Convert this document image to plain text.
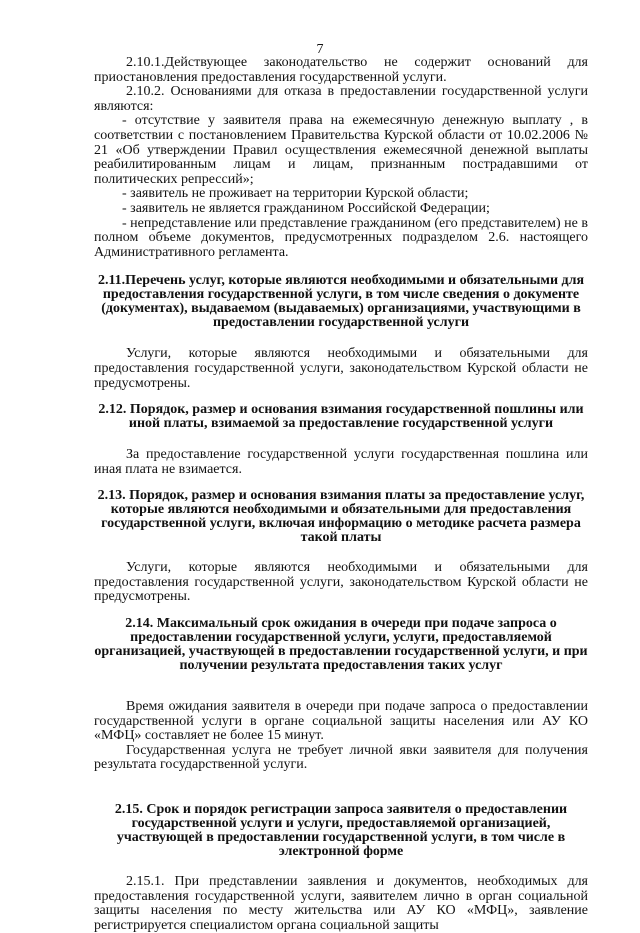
7

2.10.1.Действующее законодательство не содержит оснований для приостановления предоставления государственной услуги.

2.10.2. Основаниями для отказа в предоставлении государственной услуги являются:

- отсутствие у заявителя права на ежемесячную денежную выплату , в соответствии с постановлением Правительства Курской области от 10.02.2006 № 21 «Об утверждении Правил осуществления ежемесячной денежной выплаты реабилитированным лицам и лицам, признанным пострадавшими от политических репрессий»;

- заявитель не проживает на территории Курской области;

- заявитель не является гражданином Российской Федерации;

- непредставление или представление гражданином (его представителем) не в полном объеме документов, предусмотренных подразделом 2.6. настоящего Административного регламента.

2.11.Перечень услуг, которые являются необходимыми и обязательными для предоставления государственной услуги, в том числе сведения о документе (документах), выдаваемом (выдаваемых) организациями, участвующими в предоставлении государственной услуги

Услуги, которые являются необходимыми и обязательными для предоставления государственной услуги, законодательством Курской области не предусмотрены.

2.12. Порядок, размер и основания взимания государственной пошлины или иной платы, взимаемой за предоставление государственной услуги

За предоставление государственной услуги государственная пошлина или иная плата не взимается.

2.13. Порядок, размер и основания взимания платы за предоставление услуг, которые являются необходимыми и обязательными для предоставления государственной услуги, включая информацию о методике расчета размера такой платы

Услуги, которые являются необходимыми и обязательными для предоставления государственной услуги, законодательством Курской области не предусмотрены.

2.14. Максимальный срок ожидания в очереди при подаче запроса о предоставлении государственной услуги, услуги, предоставляемой организацией, участвующей в предоставлении государственной услуги, и при получении результата предоставления таких услуг

Время ожидания заявителя в очереди при подаче запроса о предоставлении государственной услуги в органе социальной защиты населения или АУ КО «МФЦ» составляет не более 15 минут.

Государственная услуга не требует личной явки заявителя для получения результата государственной услуги.

2.15. Срок и порядок регистрации запроса заявителя о предоставлении государственной услуги и услуги, предоставляемой организацией, участвующей в предоставлении государственной услуги, в том числе в электронной форме

2.15.1. При представлении заявления и документов, необходимых для предоставления государственной услуги, заявителем лично в орган социальной защиты населения по месту жительства или АУ КО «МФЦ», заявление регистрируется специалистом органа социальной защиты
